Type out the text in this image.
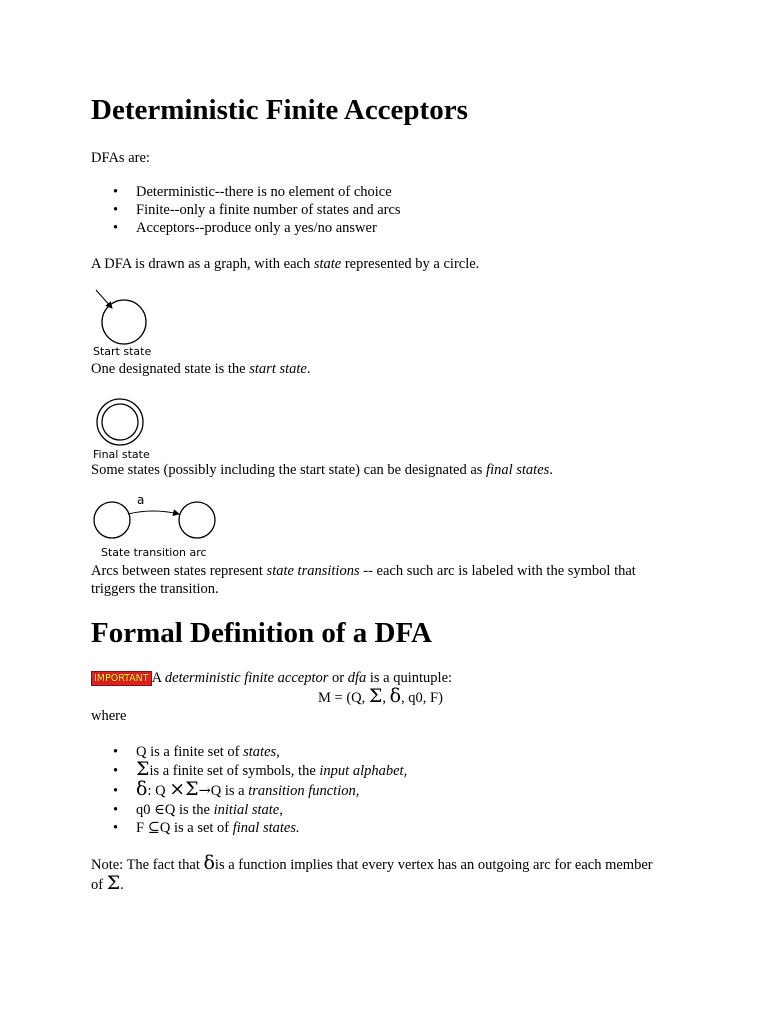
Deterministic Finite Acceptors

DFAs are:

• Deterministic--there is no element of choice
• Finite--only a finite number of states and arcs
• Acceptors--produce only a yes/no answer

A DFA is drawn as a graph, with each state represented by a circle.

Start state

One designated state is the start state.

Final state

Some states (possibly including the start state) can be designated as final states.

a
State transition arc

Arcs between states represent state transitions -- each such arc is labeled with the symbol that
triggers the transition.

Formal Definition of a DFA

IMPORTANT A deterministic finite acceptor or dfa is a quintuple:

M = (Q, Σ, δ, q0, F)

where

• Q is a finite set of states,
• Σis a finite set of symbols, the input alphabet,
• δ: Q ×Σ→Q is a transition function,
• q0 ∈Q is the initial state,
• F ⊆Q is a set of final states.

Note: The fact that δis a function implies that every vertex has an outgoing arc for each member
of Σ.
